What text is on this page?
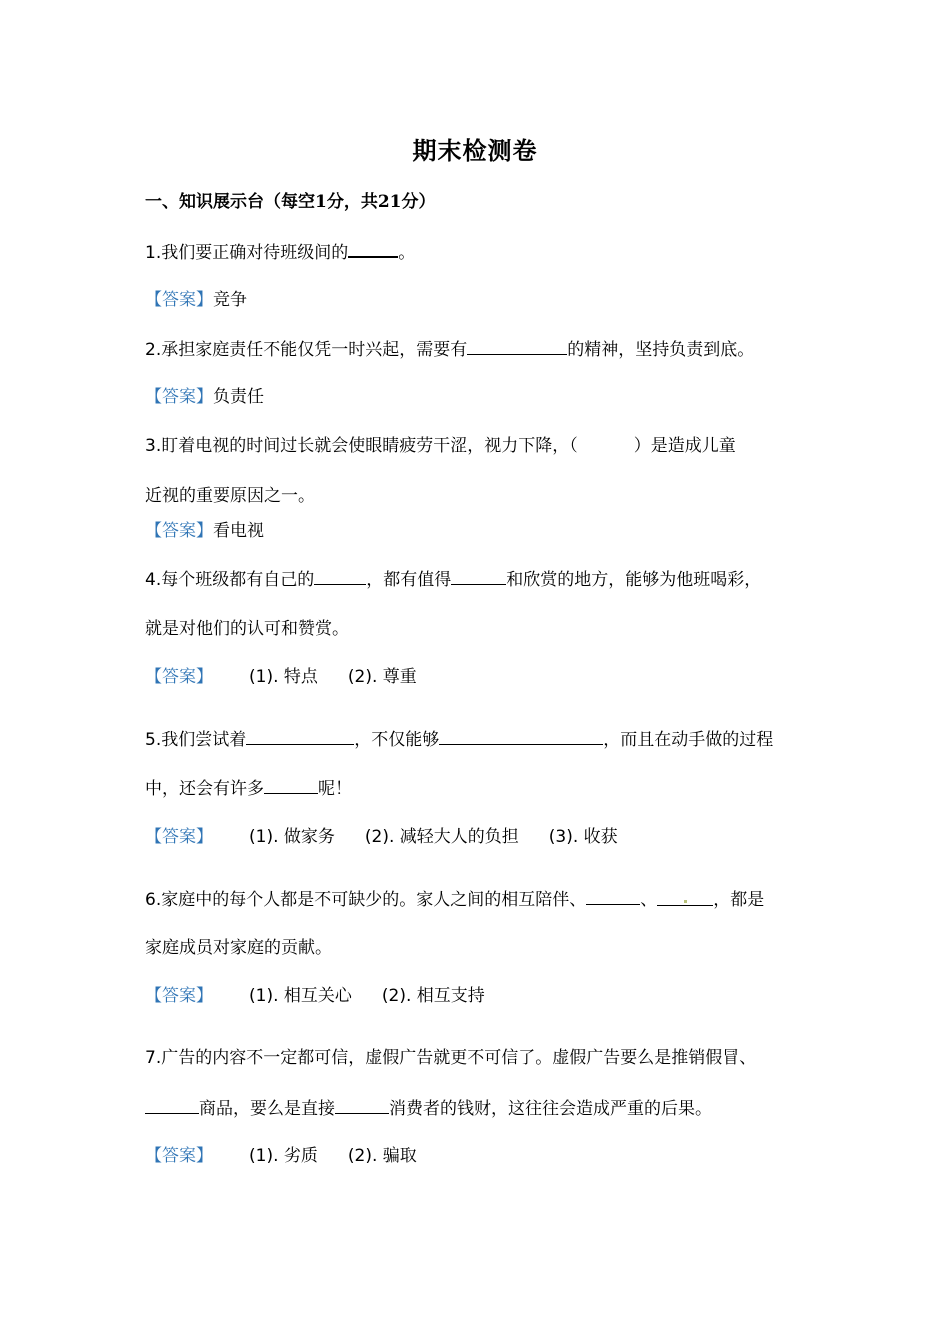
期末检测卷
一、知识展示台（每空1分，共21分）
1.我们要正确对待班级间的	。
【答案】竞争
2.承担家庭责任不能仅凭一时兴起，需要有	的精神，坚持负责到底。
【答案】负责任
3.盯着电视的时间过长就会使眼睛疲劳干涩，视力下降，（	）是造成儿童
近视的重要原因之一。
【答案】看电视
4.每个班级都有自己的	，都有值得	和欣赏的地方，能够为他班喝彩，
就是对他们的认可和赞赏。
【答案】 (1). 特点 (2). 尊重
5.我们尝试着	，不仅能够	，而且在动手做的过程
中，还会有许多	呢！
【答案】 (1). 做家务 (2). 减轻大人的负担 (3). 收获
6.家庭中的每个人都是不可缺少的。家人之间的相互陪伴、	、	，都是
家庭成员对家庭的贡献。
【答案】 (1). 相互关心 (2). 相互支持
7.广告的内容不一定都可信，虚假广告就更不可信了。虚假广告要么是推销假冒、
商品，要么是直接	消费者的钱财，这往往会造成严重的后果。
【答案】 (1). 劣质 (2). 骗取
